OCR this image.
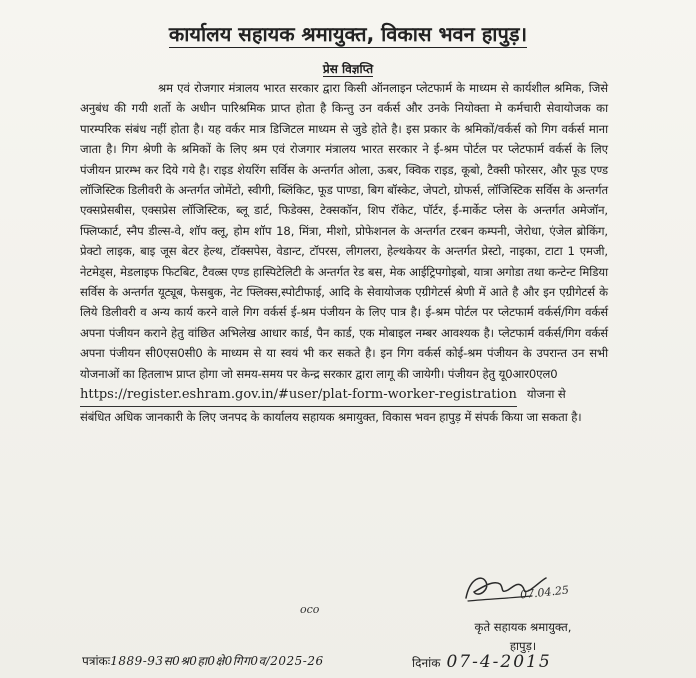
कार्यालय सहायक श्रमायुक्त, विकास भवन हापुड़।
प्रेस विज्ञप्ति

श्रम एवं रोजगार मंत्रालय भारत सरकार द्वारा किसी ऑनलाइन प्लेटफार्म के माध्यम से कार्यशील श्रमिक, जिसे अनुबंध की गयी शर्तो के अधीन पारिश्रमिक प्राप्त होता है किन्तु उन वर्कर्स और उनके नियोक्ता मे कर्मचारी सेवायोजक का पारम्परिक संबंध नहीं होता है। यह वर्कर मात्र डिजिटल माध्यम से जुडे होते है। इस प्रकार के श्रमिकों/वर्कर्स को गिग वर्कर्स माना जाता है। गिग श्रेणी के श्रमिकों के लिए श्रम एवं रोजगार मंत्रालय भारत सरकार ने ई-श्रम पोर्टल पर प्लेटफार्म वर्कर्स के लिए पंजीयन प्रारम्भ कर दिये गये है। राइड शेयरिंग सर्विस के अन्तर्गत ओला, ऊबर, क्विक राइड, कूबो, टैक्सी फोरसर, और फूड एण्ड लॉजिस्टिक डिलीवरी के अन्तर्गत जोमेंटो, स्वीगी, ब्लिंकिट, फूड पाण्डा, बिग बॉस्केट, जेपटो, ग्रोफर्स, लॉजिस्टिक सर्विस के अन्तर्गत एक्सप्रेसबीस, एक्सप्रेस लॉजिस्टिक, ब्लू डार्ट, फिडेक्स, टेक्सकॉन, शिप रॉकेट, पॉर्टर, ई-मार्केट प्लेस के अन्तर्गत अमेजॉन, फ्लिप्कार्ट, स्नैप डील्स-वे, शॉप क्लू, होम शॉप 18, मिंत्रा, मीशो, प्रोफेशनल के अन्तर्गत टरबन कम्पनी, जेरोधा, एंजेल ब्रोकिंग, प्रेक्टो लाइक, बाइ जूस बेटर हेल्थ, टॉक्सपेस, वेडान्ट, टॉपरस, लीगलरा, हेल्थकेयर के अन्तर्गत प्रेस्टो, नाइका, टाटा 1 एमजी, नेटमेड्स, मेडलाइफ फिटबिट, टैवल्र्स एण्ड हास्पिटेलिटी के अन्तर्गत रेड बस, मेक आईट्रिपगोइबो, यात्रा अगोडा तथा कन्टेन्ट मिडिया सर्विस के अन्तर्गत यूट्यूब, फेसबुक, नेट फ्लिक्स,स्पोटीफाई, आदि के सेवायोजक एग्रीगेटर्स श्रेणी में आते है और इन एग्रीगेटर्स के लिये डिलीवरी व अन्य कार्य करने वाले गिग वर्कर्स ई-श्रम पंजीयन के लिए पात्र है। ई-श्रम पोर्टल पर प्लेटफार्म वर्कर्स/गिग वर्कर्स अपना पंजीयन कराने हेतु वांछित अभिलेख आधार कार्ड, पैन कार्ड, एक मोबाइल नम्बर आवश्यक है। प्लेटफार्म वर्कर्स/गिग वर्कर्स अपना पंजीयन सी0एस0सी0 के माध्यम से या स्वयं भी कर सकते है। इन गिग वर्कर्स कोई-श्रम पंजीयन के उपरान्त उन सभी योजनाओं का हितलाभ प्राप्त होगा जो समय-समय पर केन्द्र सरकार द्वारा लागू की जायेगी। पंजीयन हेतु यू0आर0एल0

https://register.eshram.gov.in/#user/plat-form-worker-registration योजना से
संबंधित अधिक जानकारी के लिए जनपद के कार्यालय सहायक श्रमायुक्त, विकास भवन हापुड़ में संपर्क किया जा सकता है।
oco
07.04.25
कृते सहायक श्रमायुक्त,
हापुड़।
पत्रांकः1889-93स0श्र0हा0क्षे0गिग0व/2025-26	दिनांक 07-4-2015
